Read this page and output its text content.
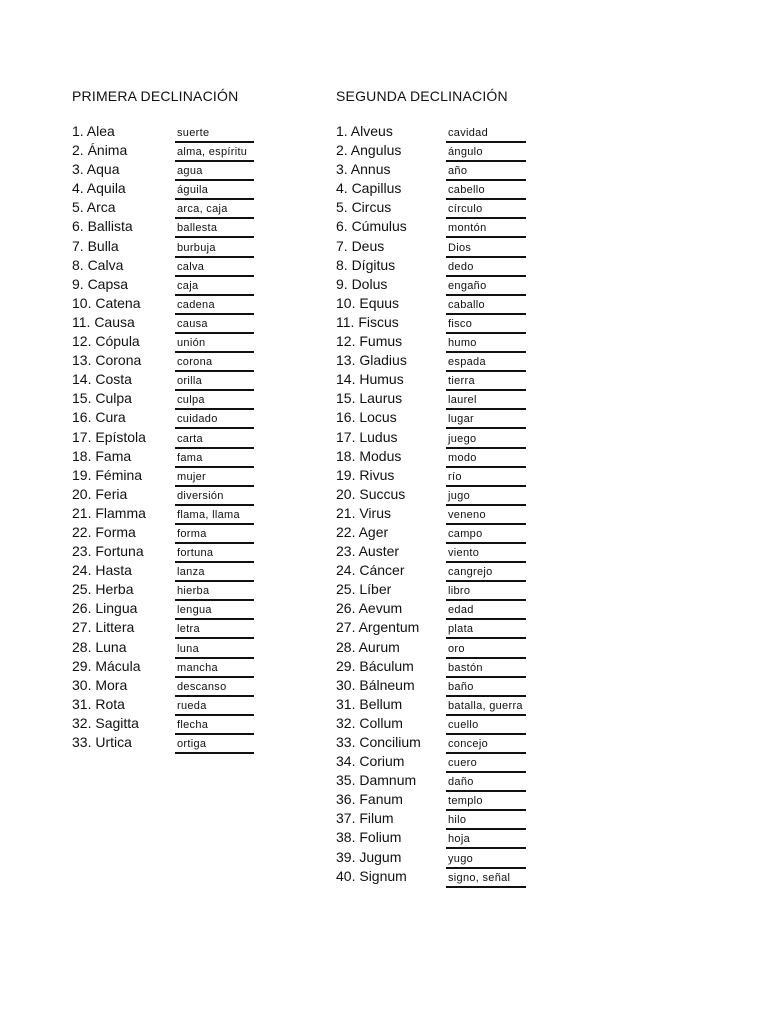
PRIMERA DECLINACIÓN
1. Alea	suerte
2. Ánima	alma, espíritu
3. Aqua	agua
4. Aquila	águila
5. Arca	arca, caja
6. Ballista	ballesta
7. Bulla	burbuja
8. Calva	calva
9. Capsa	caja
10. Catena	cadena
11. Causa	causa
12. Cópula	unión
13. Corona	corona
14. Costa	orilla
15. Culpa	culpa
16. Cura	cuidado
17. Epístola	carta
18. Fama	fama
19. Fémina	mujer
20. Feria	diversión
21. Flamma	flama, llama
22. Forma	forma
23. Fortuna	fortuna
24. Hasta	lanza
25. Herba	hierba
26. Lingua	lengua
27. Littera	letra
28. Luna	luna
29. Mácula	mancha
30. Mora	descanso
31. Rota	rueda
32. Sagitta	flecha
33. Urtica	ortiga
SEGUNDA DECLINACIÓN
1. Alveus	cavidad
2. Angulus	ángulo
3. Annus	año
4. Capillus	cabello
5. Circus	círculo
6. Cúmulus	montón
7. Deus	Dios
8. Dígitus	dedo
9. Dolus	engaño
10. Equus	caballo
11. Fiscus	fisco
12. Fumus	humo
13. Gladius	espada
14. Humus	tierra
15. Laurus	laurel
16. Locus	lugar
17. Ludus	juego
18. Modus	modo
19. Rivus	río
20. Succus	jugo
21. Virus	veneno
22. Ager	campo
23. Auster	viento
24. Cáncer	cangrejo
25. Líber	libro
26. Aevum	edad
27. Argentum	plata
28. Aurum	oro
29. Báculum	bastón
30. Bálneum	baño
31. Bellum	batalla, guerra
32. Collum	cuello
33. Concilium concejo
34. Corium	cuero
35. Damnum	daño
36. Fanum	templo
37. Filum	hilo
38. Folium	hoja
39. Jugum	yugo
40. Signum	signo, señal
